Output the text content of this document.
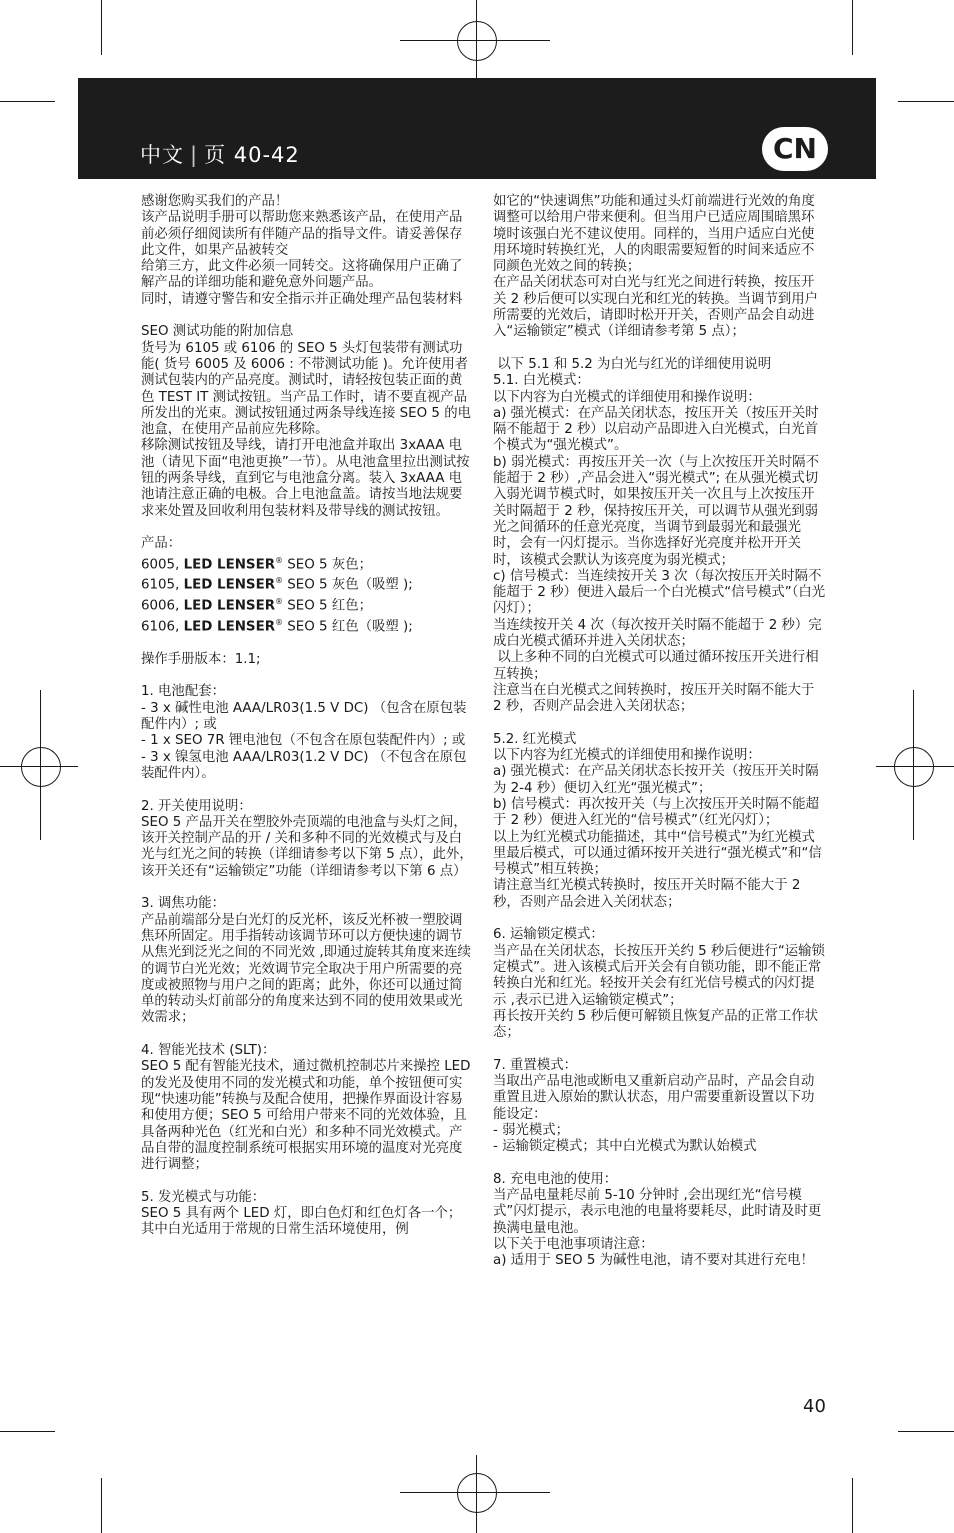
中文 | 页 40-42	CN

感谢您购买我们的产品！

该产品说明手册可以帮助您来熟悉该产品，在使用产品前必须仔细阅读所有伴随产品的指导文件。请妥善保存此文件，如果产品被转交

给第三方，此文件必须一同转交。这将确保用户正确了解产品的详细功能和避免意外问题产品。

同时，请遵守警告和安全指示并正确处理产品包装材料

SEO 测试功能的附加信息

货号为 6105 或 6106 的 SEO 5 头灯包装带有测试功能( 货号 6005 及 6006 : 不带测试功能 )。允许使用者测试包装内的产品亮度。测试时，请轻按包装正面的黄色 TEST IT 测试按钮。当产品工作时，请不要直视产品所发出的光束。测试按钮通过两条导线连接 SEO 5 的电池盒，在使用产品前应先移除。

移除测试按钮及导线，请打开电池盒并取出 3xAAA 电池（请见下面“电池更换”一节）。从电池盒里拉出测试按钮的两条导线，直到它与电池盒分离。装入 3xAAA 电池请注意正确的电极。合上电池盒盖。请按当地法规要求来处置及回收利用包装材料及带导线的测试按钮。

产品：

6005, LED LENSER® SEO 5 灰色；

6105, LED LENSER® SEO 5 灰色（吸塑 );

6006, LED LENSER® SEO 5 红色；

6106, LED LENSER® SEO 5 红色（吸塑 );

操作手册版本：1.1;

1. 电池配套：

- 3 x 碱性电池 AAA/LR03(1.5 V DC) （包含在原包装配件内）; 或

- 1 x SEO 7R 锂电池包（不包含在原包装配件内）; 或

- 3 x 镍氢电池 AAA/LR03(1.2 V DC) （不包含在原包装配件内）。

2. 开关使用说明：

SEO 5 产品开关在塑胶外壳顶端的电池盒与头灯之间，该开关控制产品的开 / 关和多种不同的光效模式与及白光与红光之间的转换（详细请参考以下第 5 点），此外，该开关还有“运输锁定”功能（详细请参考以下第 6 点）

3. 调焦功能：

产品前端部分是白光灯的反光杯，该反光杯被一塑胶调焦环所固定。用手指转动该调节环可以方便快速的调节从焦光到泛光之间的不同光效 ,即通过旋转其角度来连续的调节白光光效；光效调节完全取决于用户所需要的亮度或被照物与用户之间的距离；此外，你还可以通过简单的转动头灯前部分的角度来达到不同的使用效果或光效需求；

4. 智能光技术 (SLT)：

SEO 5 配有智能光技术，通过微机控制芯片来操控 LED 的发光及使用不同的发光模式和功能，单个按钮便可实现“快速功能”转换与及配合使用，把操作界面设计容易和使用方便；SEO 5 可给用户带来不同的光效体验，且具备两种光色（红光和白光）和多种不同光效模式。产品自带的温度控制系统可根据实用环境的温度对光亮度进行调整；

5. 发光模式与功能：

SEO 5 具有两个 LED 灯，即白色灯和红色灯各一个；

其中白光适用于常规的日常生活环境使用，例

如它的“快速调焦”功能和通过头灯前端进行光效的角度调整可以给用户带来便利。但当用户已适应周围暗黑环境时该强白光不建议使用。同样的，当用户适应白光使用环境时转换红光，人的肉眼需要短暂的时间来适应不同颜色光效之间的转换；

在产品关闭状态可对白光与红光之间进行转换，按压开关 2 秒后便可以实现白光和红光的转换。当调节到用户所需要的光效后，请即时松开开关，否则产品会自动进入“运输锁定”模式（详细请参考第 5 点）；

以下 5.1 和 5.2 为白光与红光的详细使用说明

5.1. 白光模式：

以下内容为白光模式的详细使用和操作说明：

a) 强光模式：在产品关闭状态，按压开关（按压开关时隔不能超于 2 秒）以启动产品即进入白光模式，白光首个模式为“强光模式”。

b) 弱光模式：再按压开关一次（与上次按压开关时隔不能超于 2 秒）,产品会进入“弱光模式”; 在从强光模式切入弱光调节模式时，如果按压开关一次且与上次按压开关时隔超于 2 秒，保持按压开关，可以调节从强光到弱光之间循环的任意光亮度，当调节到最弱光和最强光时，会有一闪灯提示。当你选择好光亮度并松开开关时，该模式会默认为该亮度为弱光模式；

c) 信号模式：当连续按开关 3 次（每次按压开关时隔不能超于 2 秒）便进入最后一个白光模式“信号模式”（白光闪灯）；

当连续按开关 4 次（每次按开关时隔不能超于 2 秒）完成白光模式循环并进入关闭状态；

以上多种不同的白光模式可以通过循环按压开关进行相互转换；

注意当在白光模式之间转换时，按压开关时隔不能大于 2 秒，否则产品会进入关闭状态；

5.2. 红光模式

以下内容为红光模式的详细使用和操作说明：

a) 强光模式：在产品关闭状态长按开关（按压开关时隔为 2-4 秒）便切入红光“强光模式”；

b) 信号模式：再次按开关（与上次按压开关时隔不能超于 2 秒）便进入红光的“信号模式”（红光闪灯）；

以上为红光模式功能描述，其中“信号模式”为红光模式里最后模式，可以通过循环按开关进行“强光模式”和“信号模式”相互转换；

请注意当红光模式转换时，按压开关时隔不能大于 2 秒，否则产品会进入关闭状态；

6. 运输锁定模式：

当产品在关闭状态，长按压开关约 5 秒后便进行“运输锁定模式”。进入该模式后开关会有自锁功能，即不能正常转换白光和红光。轻按开关会有红光信号模式的闪灯提示 ,表示已进入运输锁定模式”；

再长按开关约 5 秒后便可解锁且恢复产品的正常工作状态；

7. 重置模式：

当取出产品电池或断电又重新启动产品时，产品会自动重置且进入原始的默认状态，用户需要重新设置以下功能设定：

- 弱光模式；

- 运输锁定模式；其中白光模式为默认始模式

8. 充电电池的使用：

当产品电量耗尽前 5-10 分钟时 ,会出现红光“信号模式”闪灯提示，表示电池的电量将要耗尽，此时请及时更换满电量电池。

以下关于电池事项请注意：

a) 适用于 SEO 5 为碱性电池，请不要对其进行充电！

40
